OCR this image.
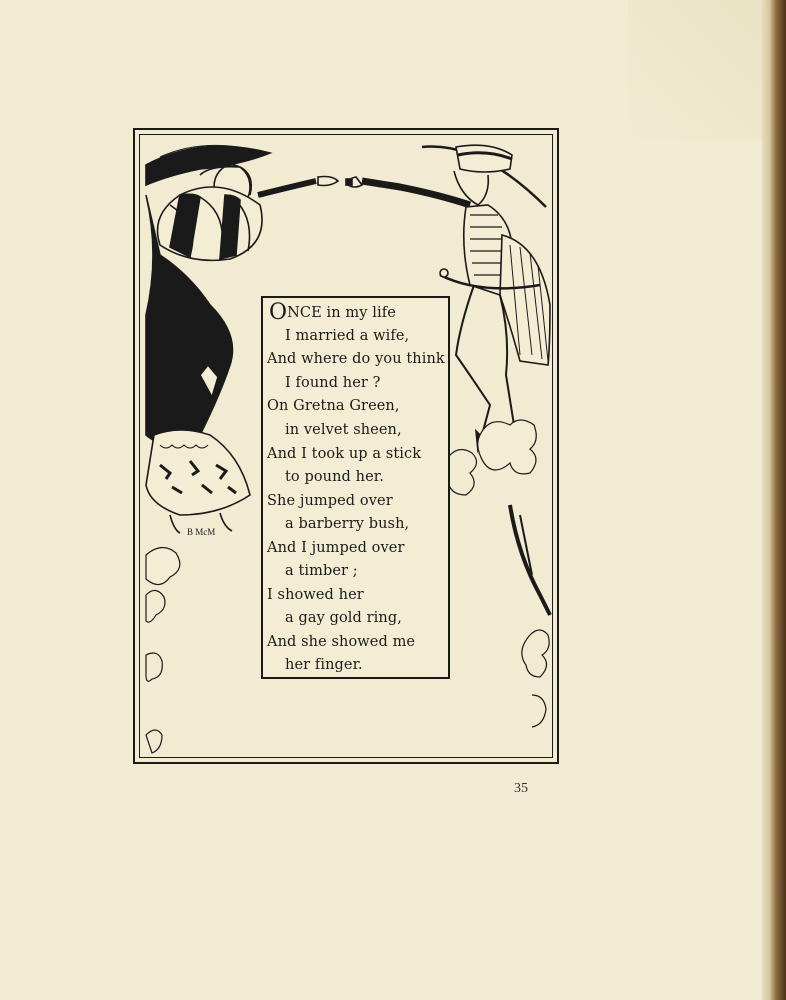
B McM
ONCE in my life
I married a wife,
And where do you think
I found her ?
On Gretna Green,
in velvet sheen,
And I took up a stick
to pound her.
She jumped over
a barberry bush,
And I jumped over
a timber ;
I showed her
a gay gold ring,
And she showed me
her finger.
35
